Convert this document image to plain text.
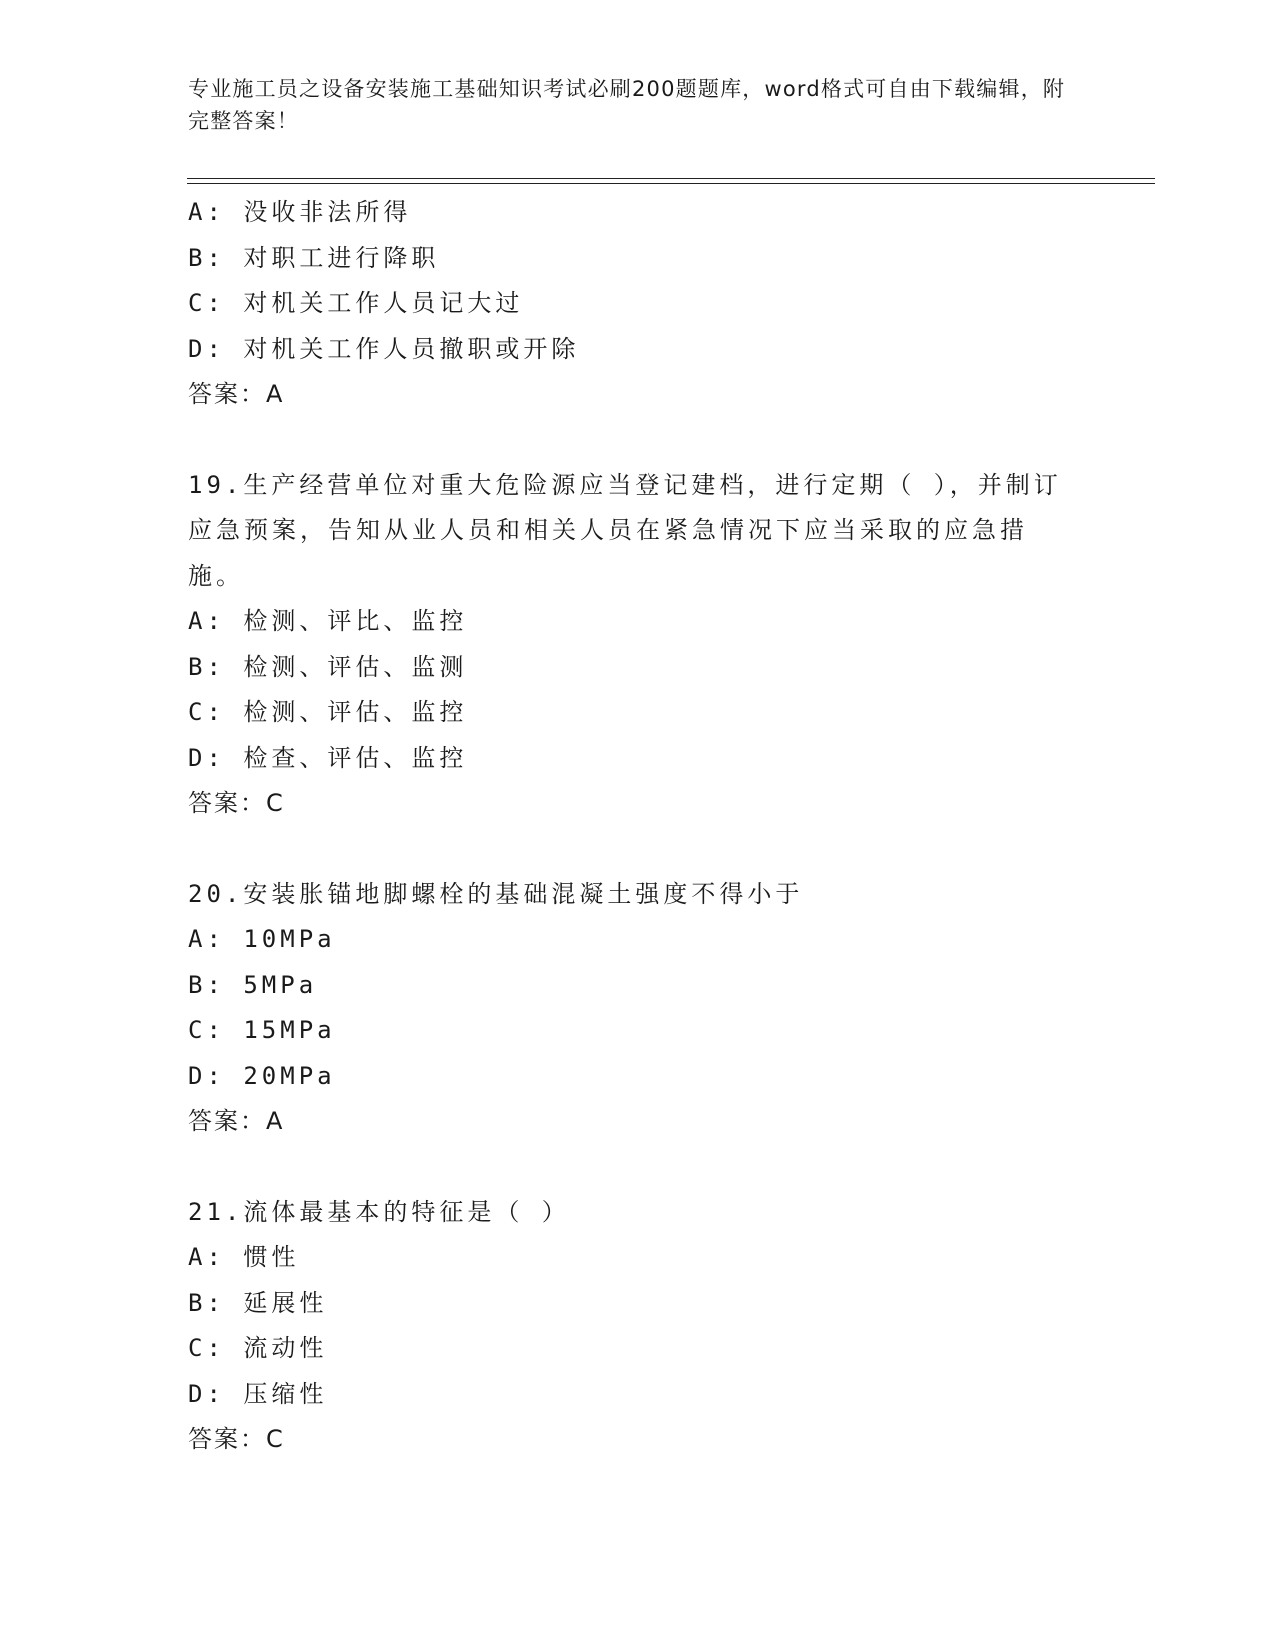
专业施工员之设备安装施工基础知识考试必刷200题题库，word格式可自由下载编辑，附完整答案！
A: 没收非法所得
B: 对职工进行降职
C: 对机关工作人员记大过
D: 对机关工作人员撤职或开除
答案：A
19.生产经营单位对重大危险源应当登记建档，进行定期（ ），并制订应急预案，告知从业人员和相关人员在紧急情况下应当采取的应急措施。
A: 检测、评比、监控
B: 检测、评估、监测
C: 检测、评估、监控
D: 检查、评估、监控
答案：C
20.安装胀锚地脚螺栓的基础混凝土强度不得小于
A: 10MPa
B: 5MPa
C: 15MPa
D: 20MPa
答案：A
21.流体最基本的特征是（ ）
A: 惯性
B: 延展性
C: 流动性
D: 压缩性
答案：C
